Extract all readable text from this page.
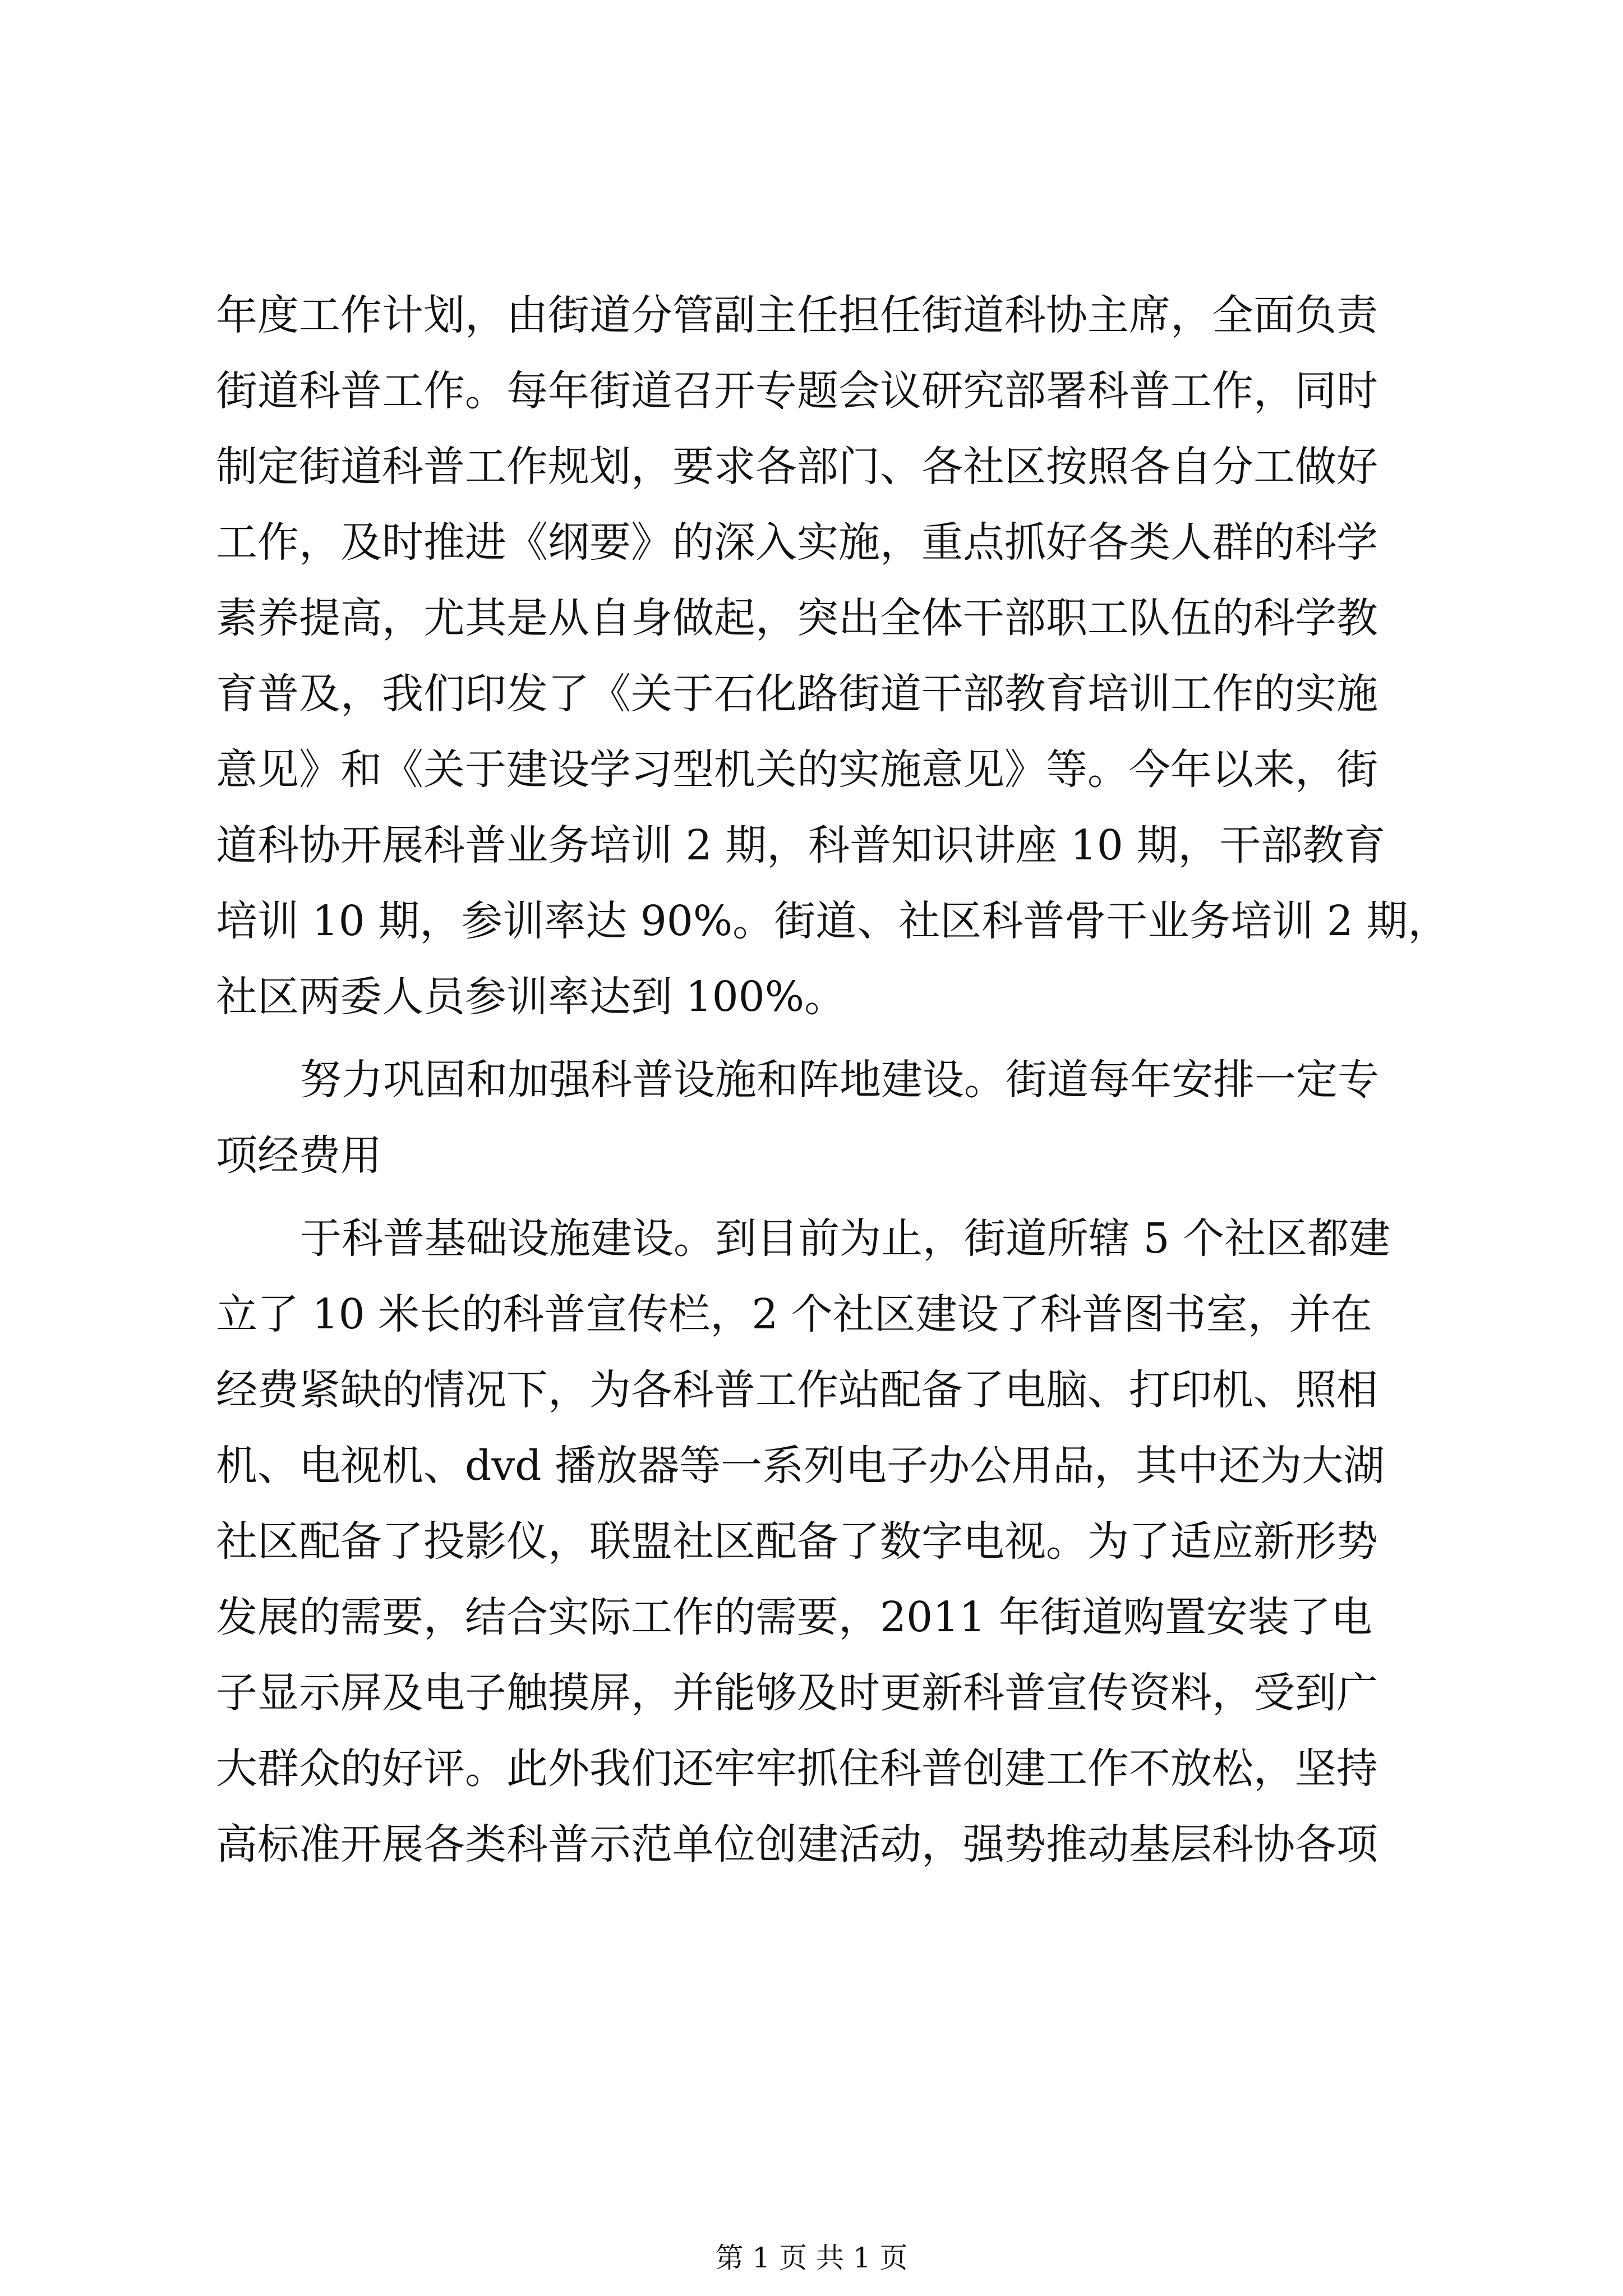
年度工作计划，由街道分管副主任担任街道科协主席，全面负责

街道科普工作。每年街道召开专题会议研究部署科普工作，同时

制定街道科普工作规划，要求各部门、各社区按照各自分工做好

工作，及时推进《纲要》的深入实施，重点抓好各类人群的科学

素养提高，尤其是从自身做起，突出全体干部职工队伍的科学教

育普及，我们印发了《关于石化路街道干部教育培训工作的实施

意见》和《关于建设学习型机关的实施意见》等。今年以来，街

道科协开展科普业务培训 2 期，科普知识讲座 10 期，干部教育

培训 10 期，参训率达 90%。街道、社区科普骨干业务培训 2 期，

社区两委人员参训率达到 100%。

努力巩固和加强科普设施和阵地建设。街道每年安排一定专

项经费用

于科普基础设施建设。到目前为止，街道所辖 5 个社区都建

立了 10 米长的科普宣传栏，2 个社区建设了科普图书室，并在

经费紧缺的情况下，为各科普工作站配备了电脑、打印机、照相

机、电视机、dvd 播放器等一系列电子办公用品，其中还为大湖

社区配备了投影仪，联盟社区配备了数字电视。为了适应新形势

发展的需要，结合实际工作的需要，2011 年街道购置安装了电

子显示屏及电子触摸屏，并能够及时更新科普宣传资料，受到广

大群众的好评。此外我们还牢牢抓住科普创建工作不放松，坚持

高标准开展各类科普示范单位创建活动，强势推动基层科协各项

第 1 页 共 1 页
